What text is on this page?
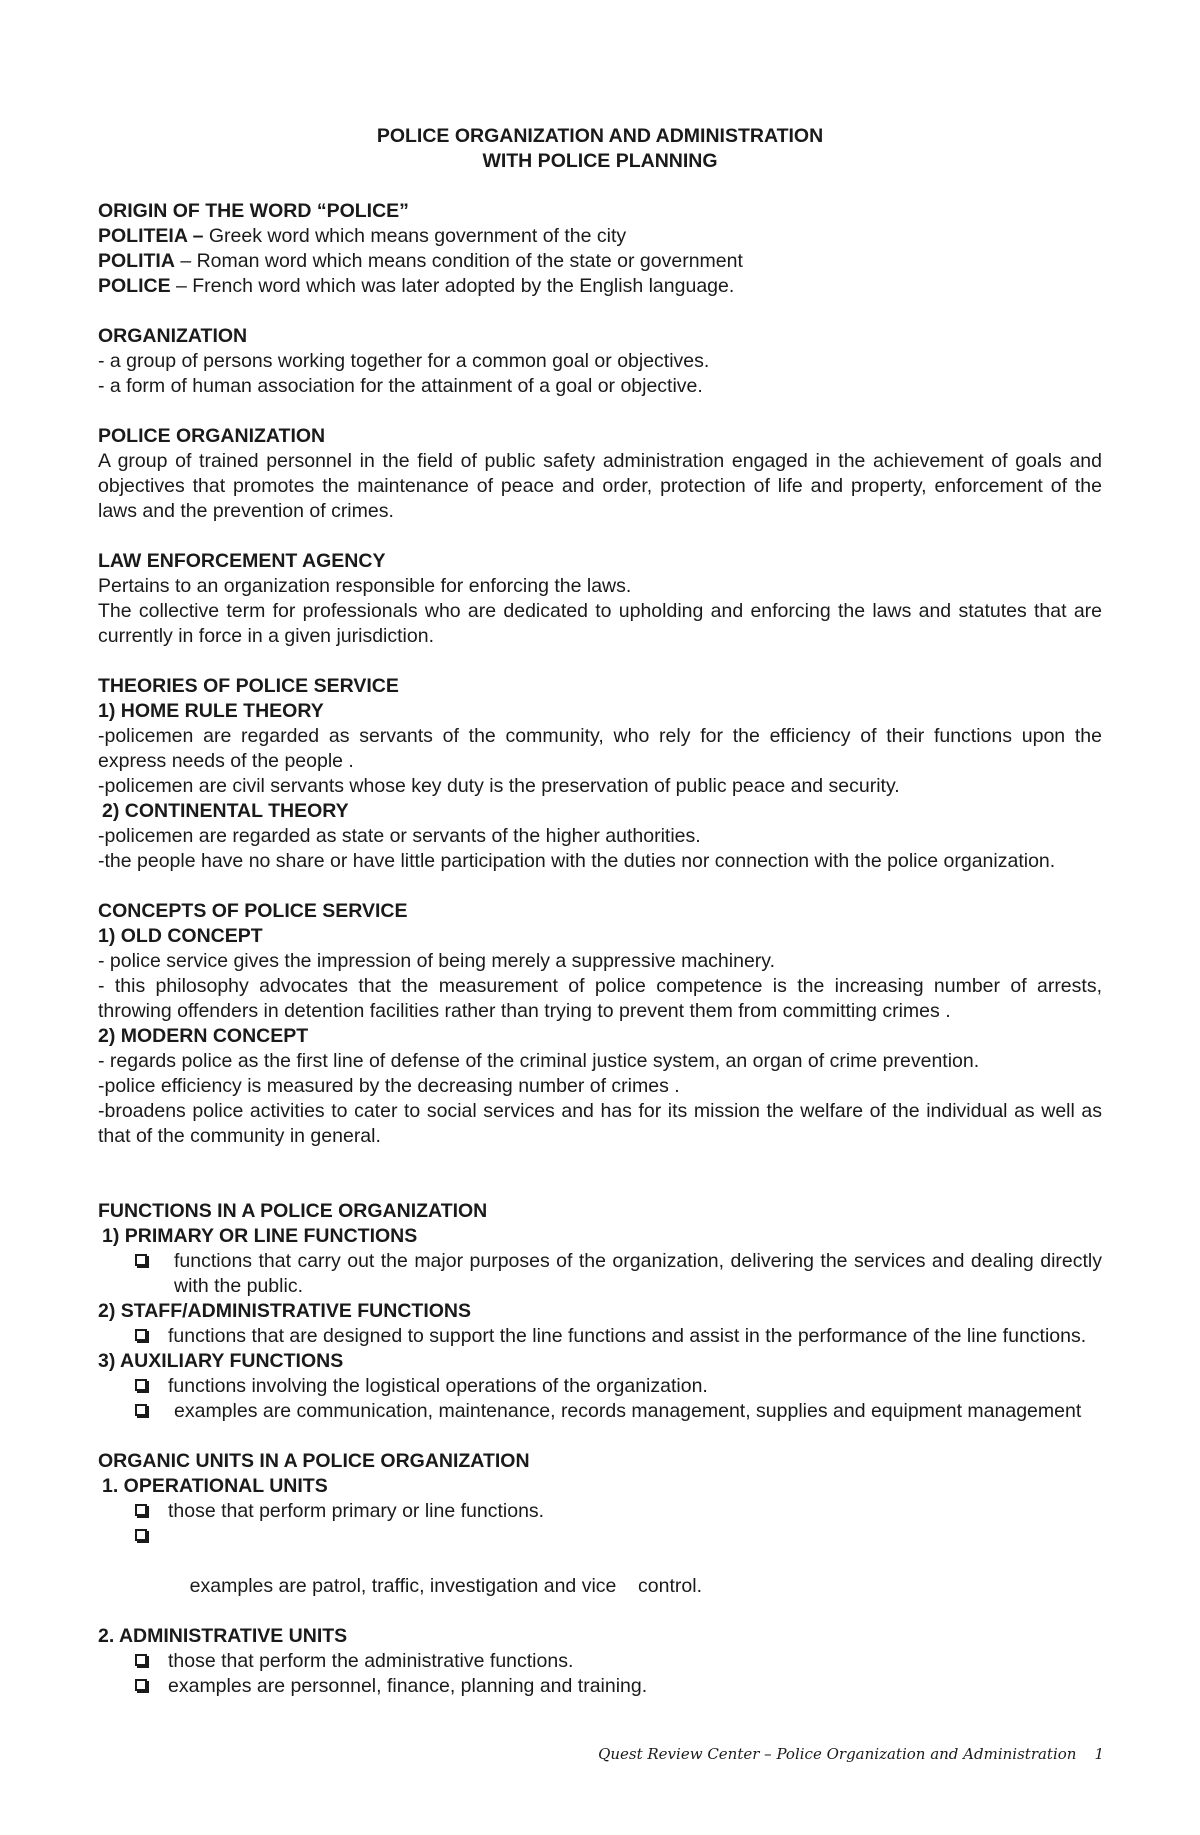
POLICE ORGANIZATION AND ADMINISTRATION
WITH POLICE PLANNING
ORIGIN OF THE WORD “POLICE”
POLITEIA – Greek word which means government of the city
POLITIA – Roman word which means condition of the state or government
POLICE – French word which was later adopted by the English language.
ORGANIZATION
- a group of persons working together for a common goal or objectives.
- a form of human association for the attainment of a goal or objective.
POLICE ORGANIZATION
A group of trained personnel in the field of public safety administration engaged in the achievement of goals and objectives that promotes the maintenance of peace and order, protection of life and property, enforcement of the laws and the prevention of crimes.
LAW ENFORCEMENT AGENCY
Pertains to an organization responsible for enforcing the laws.
The collective term for professionals who are dedicated to upholding and enforcing the laws and statutes that are currently in force in a given jurisdiction.
THEORIES OF POLICE SERVICE
1) HOME RULE THEORY
-policemen are regarded as servants of the community, who rely for the efficiency of their functions upon the express needs of the people .
-policemen are civil servants whose key duty is the preservation of public peace and security.
2) CONTINENTAL THEORY
-policemen are regarded as state or servants of the higher authorities.
-the people have no share or have little participation with the duties nor connection with the police organization.
CONCEPTS OF POLICE SERVICE
1) OLD CONCEPT
- police service gives the impression of being merely a suppressive machinery.
- this philosophy advocates that the measurement of police competence is the increasing number of arrests, throwing offenders in detention facilities rather than trying to prevent them from committing crimes .
2) MODERN CONCEPT
- regards police as the first line of defense of the criminal justice system, an organ of crime prevention.
-police efficiency is measured by the decreasing number of crimes .
-broadens police activities to cater to social services and has for its mission the welfare of the individual as well as that of the community in general.
FUNCTIONS IN A POLICE ORGANIZATION
1) PRIMARY OR LINE FUNCTIONS
functions that carry out the major purposes of the organization, delivering the services and dealing directly with the public.
2) STAFF/ADMINISTRATIVE FUNCTIONS
functions that are designed to support the line functions and assist in the performance of the line functions.
3) AUXILIARY FUNCTIONS
functions involving the logistical operations of the organization.
examples are communication, maintenance, records management, supplies and equipment management
ORGANIC UNITS IN A POLICE ORGANIZATION
1. OPERATIONAL UNITS
those that perform primary or line functions.

examples are patrol, traffic, investigation and vice    control.

2. ADMINISTRATIVE UNITS
those that perform the administrative functions.
examples are personnel, finance, planning and training.
Quest Review Center – Police Organization and Administration 1
